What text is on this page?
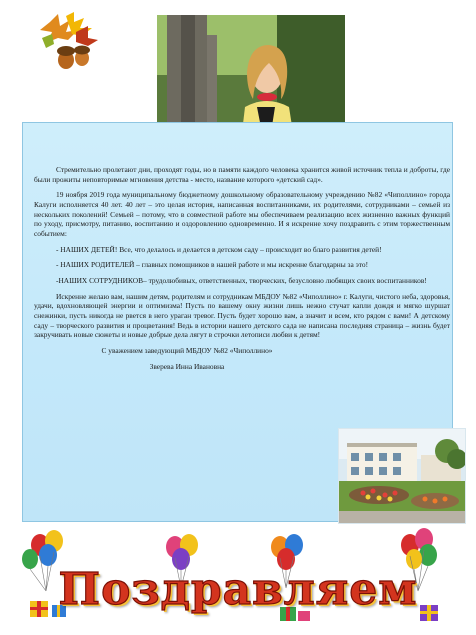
Стремительно пролетают дни, проходят годы, но в памяти каждого человека хранится живой источник тепла и доброты, где были прожиты неповторимые мгновения детства - место, название которого «детский сад».

19 ноября 2019 года муниципальному бюджетному дошкольному образовательному учреждению №82 «Чиполлино» города Калуги исполняется 40 лет. 40 лет – это целая история, написанная воспитанниками, их родителями, сотрудниками – семьей из нескольких поколений! Семьей – потому, что в совместной работе мы обеспечиваем реализацию всех жизненно важных функций по уходу, присмотру, питанию, воспитанию и оздоровлению одновременно. И я искренне хочу поздравить с этим торжественным событием:

- НАШИХ ДЕТЕЙ! Все, что делалось и делается в детском саду – происходит во благо развития детей!

- НАШИХ РОДИТЕЛЕЙ – главных помощников в нашей работе и мы искренне благодарны за это!

-НАШИХ СОТРУДНИКОВ– трудолюбивых, ответственных, творческих, безусловно любящих своих воспитанников!

Искренне желаю вам, нашим детям, родителям и сотрудникам МБДОУ №82 «Чиполлино» г. Калуги, чистого неба, здоровья, удачи, вдохновляющей энергии и оптимизма! Пусть по вашему окну жизни лишь нежно стучат капли дождя и мягко шуршат снежинки, пусть никогда не рвется в него ураган тревог. Пусть будет хорошо вам, а значит и всем, кто рядом с вами! А детскому саду – творческого развития и процветания! Ведь в истории нашего детского сада не написана последняя страница – жизнь будет закручивать новые сюжеты и новые добрые дела лягут в строчки летописи любви к детям!

С уважением заведующий МБДОУ №82 «Чиполлино»

Зверева Инна Ивановна

Поздравляем
